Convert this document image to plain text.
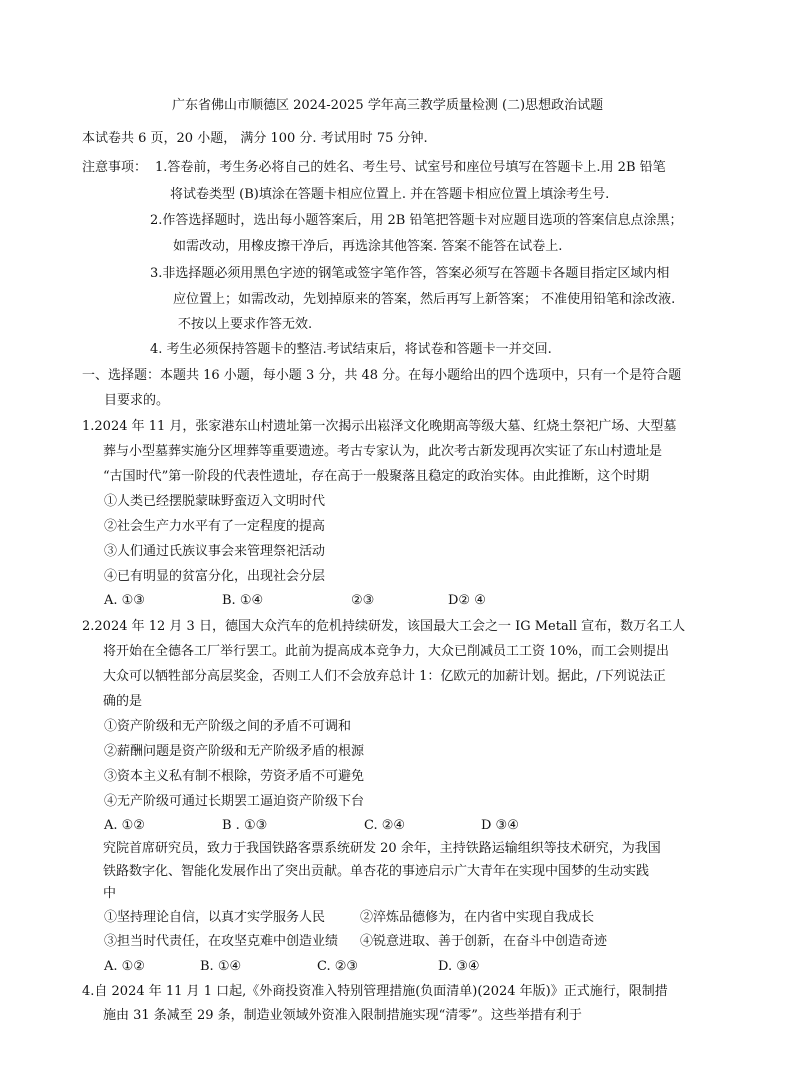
广东省佛山市顺德区 2024-2025 学年高三教学质量检测 (二)思想政治试题
本试卷共 6 页，20 小题， 满分 100 分. 考试用时 75 分钟.
注意事项： 1.答卷前，考生务必将自己的姓名、考生号、试室号和座位号填写在答题卡上.用 2B 铅笔
将试卷类型 (B)填涂在答题卡相应位置上. 并在答题卡相应位置上填涂考生号.
2.作答选择题时，选出每小题答案后，用 2B 铅笔把答题卡对应题目选项的答案信息点涂黑；
如需改动，用橡皮擦干净后，再选涂其他答案. 答案不能答在试卷上.
3.非选择题必须用黑色字迹的钢笔或签字笔作答，答案必须写在答题卡各题目指定区域内相
应位置上；如需改动，先划掉原来的答案，然后再写上新答案； 不准使用铅笔和涂改液.
不按以上要求作答无效.
4. 考生必须保持答题卡的整洁.考试结束后，将试卷和答题卡一并交回.
一、选择题：本题共 16 小题，每小题 3 分，共 48 分。在每小题给出的四个选项中，只有一个是符合题
目要求的。
1.2024 年 11 月，张家港东山村遗址第一次揭示出崧泽文化晚期高等级大墓、红烧土祭祀广场、大型墓
葬与小型墓葬实施分区埋葬等重要遗迹。考古专家认为，此次考古新发现再次实证了东山村遗址是
“古国时代”第一阶段的代表性遗址，存在高于一般聚落且稳定的政治实体。由此推断，这个时期
①人类已经摆脱蒙昧野蛮迈入文明时代
②社会生产力水平有了一定程度的提高
③人们通过氏族议事会来管理祭祀活动
④已有明显的贫富分化，出现社会分层
A. ①③	B. ①④	②③	D② ④
2.2024 年 12 月 3 日，德国大众汽车的危机持续研发，该国最大工会之一 IG Metall 宣布，数万名工人
将开始在全德各工厂举行罢工。此前为提高成本竞争力，大众已削减员工工资 10%，而工会则提出
大众可以牺牲部分高层奖金，否则工人们不会放弃总计 1：亿欧元的加薪计划。据此，/下列说法正
确的是
①资产阶级和无产阶级之间的矛盾不可调和
②薪酬问题是资产阶级和无产阶级矛盾的根源
③资本主义私有制不根除，劳资矛盾不可避免
④无产阶级可通过长期罢工逼迫资产阶级下台
A. ①②	B . ①③	C. ②④	D ③④
究院首席研究员，致力于我国铁路客票系统研发 20 余年，主持铁路运输组织等技术研究，为我国
铁路数字化、智能化发展作出了突出贡献。单杏花的事迹启示广大青年在实现中国梦的生动实践
中
①坚持理论自信，以真才实学服务人民	②淬炼品德修为，在内省中实现自我成长
③担当时代责任，在攻坚克难中创造业绩 ④锐意进取、善于创新，在奋斗中创造奇迹
A. ①②	B. ①④	C. ②③	D. ③④
4.自 2024 年 11 月 1 口起,《外商投资准入特别管理措施(负面清单)(2024 年版)》正式施行，限制措
施由 31 条减至 29 条，制造业领域外资准入限制措施实现“清零”。这些举措有利于
